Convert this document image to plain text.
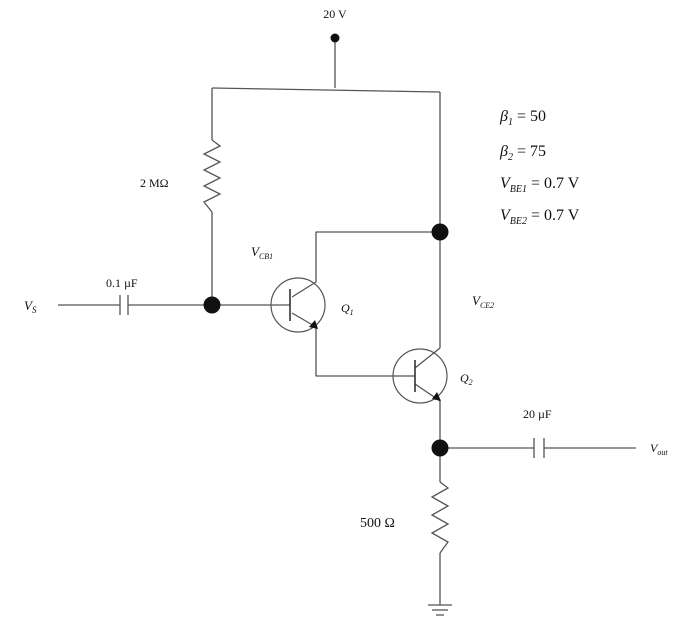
20 V
2 MΩ
0.1 µF
20 µF
500 Ω
$V_S$
$V_{out}$
$V_{CB1}$
$V_{CE2}$
$Q_1$
$Q_2$
$\beta_1 = 50$
$\beta_2 = 75$
$V_{BE1} = 0.7$ V
$V_{BE2} = 0.7$ V
